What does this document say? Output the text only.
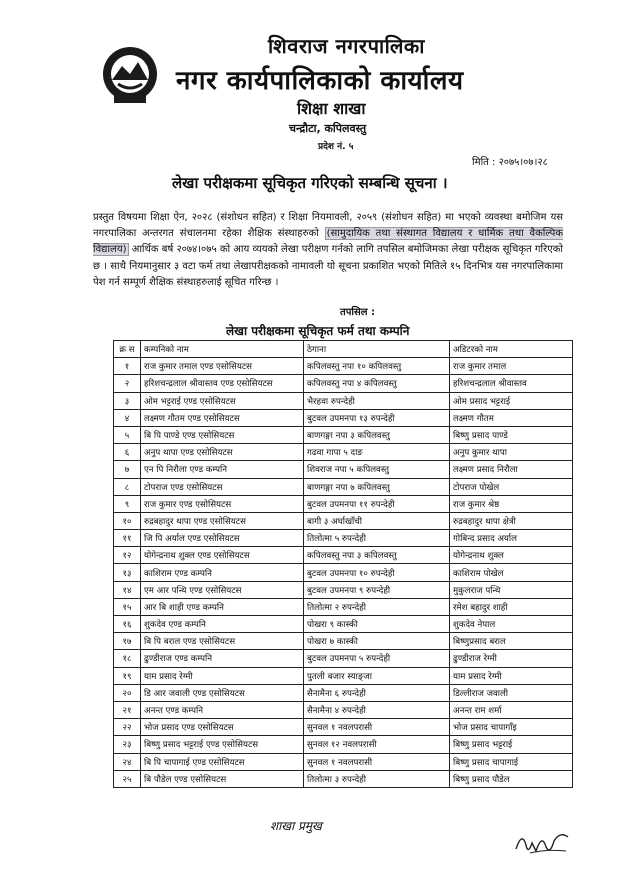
शिवराज नगरपालिका
नगर कार्यपालिकाको कार्यालय
शिक्षा शाखा
चन्द्रौटा, कपिलवस्तु
प्रदेश नं. ५
मिति : २०७५।०७।२८
लेखा परीक्षकमा सूचिकृत गरिएको सम्बन्धि सूचना ।
प्रस्तुत विषयमा शिक्षा ऐन, २०२८ (संशोधन सहित) र शिक्षा नियमावली, २०५९ (संशोधन सहित) मा भएको व्यवस्था बमोजिम यस नगरपालिका अन्तरगत संचालनमा रहेका शैक्षिक संस्थाहरुको (सामुदायिक तथा संस्थागत विद्यालय र धार्मिक तथा वैकल्पिक विद्यालय) आर्थिक बर्ष २०७४।०७५ को आय व्ययको लेखा परीक्षण गर्नको लागि तपसिल बमोजिमका लेखा परीक्षक सूचिकृत गरिएको छ । साथै नियमानुसार ३ वटा फर्म तथा लेखापरीक्षकको नामावली यो सूचना प्रकाशित भएको मितिले १५ दिनभित्र यस नगरपालिकामा पेश गर्न सम्पूर्ण शैक्षिक संस्थाहरुलाई सूचित गरिन्छ ।
तपसिल :
लेखा परीक्षकमा सूचिकृत फर्म तथा कम्पनि
क्र स	कम्पनिको नाम	ठेगाना	अडिटरको नाम
१	राज कुमार तमाल एण्ड एसोसियटस	कपिलवस्तु नपा १० कपिलवस्तु	राज कुमार तमाल
२	हरिशचन्द्रलाल श्रीवास्तव एण्ड एसोसियटस	कपिलवस्तु नपा ४ कपिलवस्तु	हरिशचन्द्रलाल श्रीवास्तव
३	ओम भट्टराई एण्ड एसोसियटस	भैरहवा रुपन्देही	ओम प्रसाद भट्टराई
४	लक्ष्मण गौतम एण्ड एसोसियटस	बुटवल उपमनपा १३ रुपन्देही	लक्ष्मण गौतम
५	बि पि पाण्डे एण्ड एसोसियटस	बाणगङ्गा नपा ३ कपिलवस्तु	बिष्णु प्रसाद पाण्डे
६	अनुप थापा एण्ड एसोसियटस	गढवा गापा ५ दाङ	अनुप कुमार थापा
७	एन पि निरौला एण्ड कम्पनि	शिवराज नपा ५ कपिलवस्तु	लक्ष्मण प्रसाद निरौला
८	टोपराज एण्ड एसोसियटस	बाणगङ्गा नपा ७ कपिलवस्तु	टोपराज पोखेल
९	राज कुमार एण्ड एसोसियटस	बुटवल उपमनपा ११ रुपन्देही	राज कुमार श्रेष्ठ
१०	रुद्रबहादुर थापा एण्ड एसोसियटस	बागी ३ अर्घाखाँची	रुद्रबहादुर थापा क्षेत्री
११	जि पि अर्याल एण्ड एसोसियटस	तिलोत्मा ५ रुपन्देही	गोबिन्द प्रसाद अर्याल
१२	योगेन्द्रनाथ शुक्ल एण्ड एसोसियटस	कपिलवस्तु नपा ३ कपिलवस्तु	योगेन्द्रनाथ शुक्ल
१३	काशिराम एण्ड कम्पनि	बुटवल उपमनपा १० रुपन्देही	काशिराम पोखेल
१४	एम आर पन्थि एण्ड एसोसियटस	बुटवल उपमनपा ९ रुपन्देही	मुकुलराज पन्थि
१५	आर बि शाही एण्ड कम्पनि	तिलोत्मा २ रुपन्देही	रमेश बहादुर शाही
१६	शुकदेव एण्ड कम्पनि	पोखरा ९ कास्की	शुकदेव नेपाल
१७	बि पि बराल एण्ड एसोसियटस	पोखरा ७ कास्की	बिष्णुप्रसाद बराल
१८	ढुण्डीराज एण्ड कम्पनि	बुटवल उपमनपा ५ रुपन्देही	ढुण्डीराज रेग्मी
१९	याम प्रसाद रेग्मी	पुतली बजार स्याङ्जा	याम प्रसाद रेग्मी
२०	डि आर जवाली एण्ड एसोसियटस	सैनामैना ६ रुपन्देही	डिल्लीराज जवाली
२१	अनन्त एण्ड कम्पनि	सैनामैना ४ रुपन्देही	अनन्त राम शर्मा
२२	भोज प्रसाद एण्ड एसोसियटस	सुनवल १ नवलपरासी	भोज प्रसाद चापागाँइ
२३	बिष्णु प्रसाद भट्टराई एण्ड एसोसियटस	सुनवल १२ नवलपरासी	बिष्णु प्रसाद भट्टराई
२४	बि पि चापागाई एण्ड एसोसियटस	सुनवल १ नवलपरासी	बिष्णु प्रसाद चापागाई
२५	बि पौडेल एण्ड एसोसियटस	तिलोत्मा ३ रुपन्देही	बिष्णु प्रसाद पौडेल
शाखा प्रमुख
